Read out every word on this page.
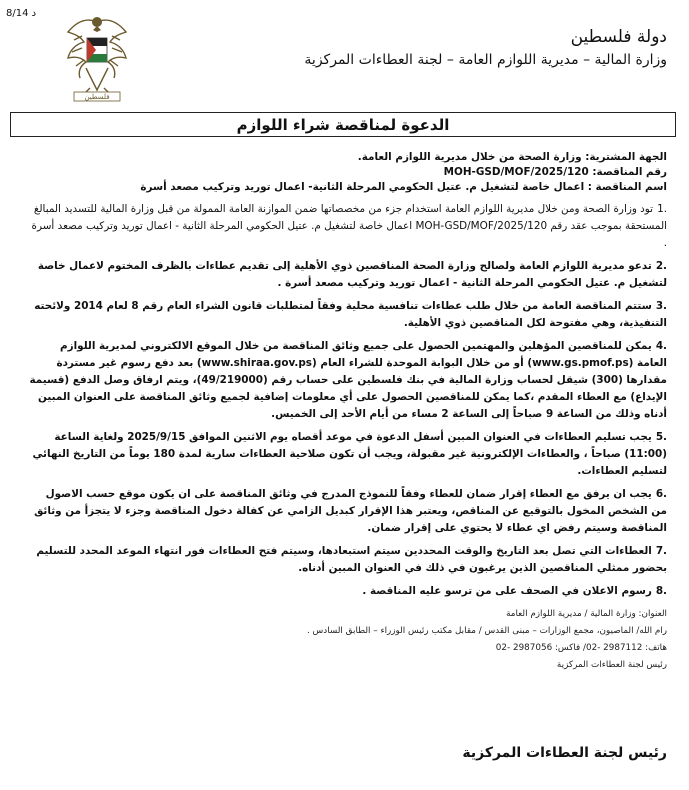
8/14 د
فلسطين
دولة فلسطين
وزارة المالية – مديرية اللوازم العامة – لجنة العطاءات المركزية
الدعوة لمناقصة شراء اللوازم
الجهة المشترية: وزارة الصحة من خلال مديرية اللوازم العامة.
رقم المناقصة: MOH-GSD/MOF/2025/120
اسم المناقصة : اعمال خاصة لتشغيل م. عتيل الحكومي المرحلة الثانية- اعمال توريد وتركيب مصعد أسرة
.1تود وزارة الصحة ومن خلال مديرية اللوازم العامة استخدام جزء من مخصصاتها ضمن الموازنة العامة الممولة من قبل وزارة المالية للتسديد المبالغ المستحقة بموجب عقد رقم MOH-GSD/MOF/2025/120 اعمال خاصة لتشغيل م. عتيل الحكومي المرحلة الثانية - اعمال توريد وتركيب مصعد أسرة .
.2تدعو مديرية اللوازم العامة ولصالح وزارة الصحة المناقصين ذوي الأهلية إلى تقديم عطاءات بالظرف المختوم لاعمال خاصة لتشغيل م. عتيل الحكومي المرحلة الثانية - اعمال توريد وتركيب مصعد أسرة .
.3ستتم المناقصة العامة من خلال طلب عطاءات تنافسية محلية وفقاً لمتطلبات قانون الشراء العام رقم 8 لعام 2014 ولائحته التنفيذية، وهي مفتوحة لكل المناقصين ذوي الأهلية.
.4يمكن للمناقصين المؤهلين والمهتمين الحصول على جميع وثائق المناقصة من خلال الموقع الالكتروني لمديرية اللوازم العامة (www.gs.pmof.ps) أو من خلال البوابة الموحدة للشراء العام (www.shiraa.gov.ps) بعد دفع رسوم غير مستردة مقدارها (300) شيقل لحساب وزارة المالية في بنك فلسطين على حساب رقم (49/219000)، ويتم ارفاق وصل الدفع (قسيمة الإيداع) مع العطاء المقدم ،كما يمكن للمناقصين الحصول على أي معلومات إضافية لجميع وثائق المناقصة على العنوان المبين أدناه وذلك من الساعة 9 صباحاً إلى الساعة 2 مساء من أيام الأحد إلى الخميس.
.5يجب تسليم العطاءات في العنوان المبين أسفل الدعوة في موعد أقصاه يوم الاثنين الموافق 2025/9/15 ولغاية الساعة (11:00) صباحاً ، والعطاءات الإلكترونية غير مقبولة، ويجب أن تكون صلاحية العطاءات سارية لمدة 180 يوماً من التاريخ النهائي لتسليم العطاءات.
.6يجب ان يرفق مع العطاء إقرار ضمان للعطاء وفقاً للنموذج المدرج في وثائق المناقصة على ان يكون موقع حسب الاصول من الشخص المخول بالتوقيع عن المناقص، ويعتبر هذا الإقرار كبديل الزامي عن كفالة دخول المناقصة وجزء لا يتجزأ من وثائق المناقصة وسيتم رفض اي عطاء لا يحتوي على إقرار ضمان.
.7العطاءات التي تصل بعد التاريخ والوقت المحددين سيتم استبعادها، وسيتم فتح العطاءات فور انتهاء الموعد المحدد للتسليم بحضور ممثلي المناقصين الذين يرغبون في ذلك في العنوان المبين أدناه.
.8رسوم الاعلان في الصحف على من ترسو عليه المناقصة .
العنوان: وزارة المالية / مديرية اللوازم العامة
رام الله/ الماصيون، مجمع الوزارات – مبنى القدس / مقابل مكتب رئيس الوزراء – الطابق السادس .
هاتف: 2987112 -02/ فاكس: 2987056 -02
رئيس لجنة العطاءات المركزية
رئيس لجنة العطاءات المركزية
